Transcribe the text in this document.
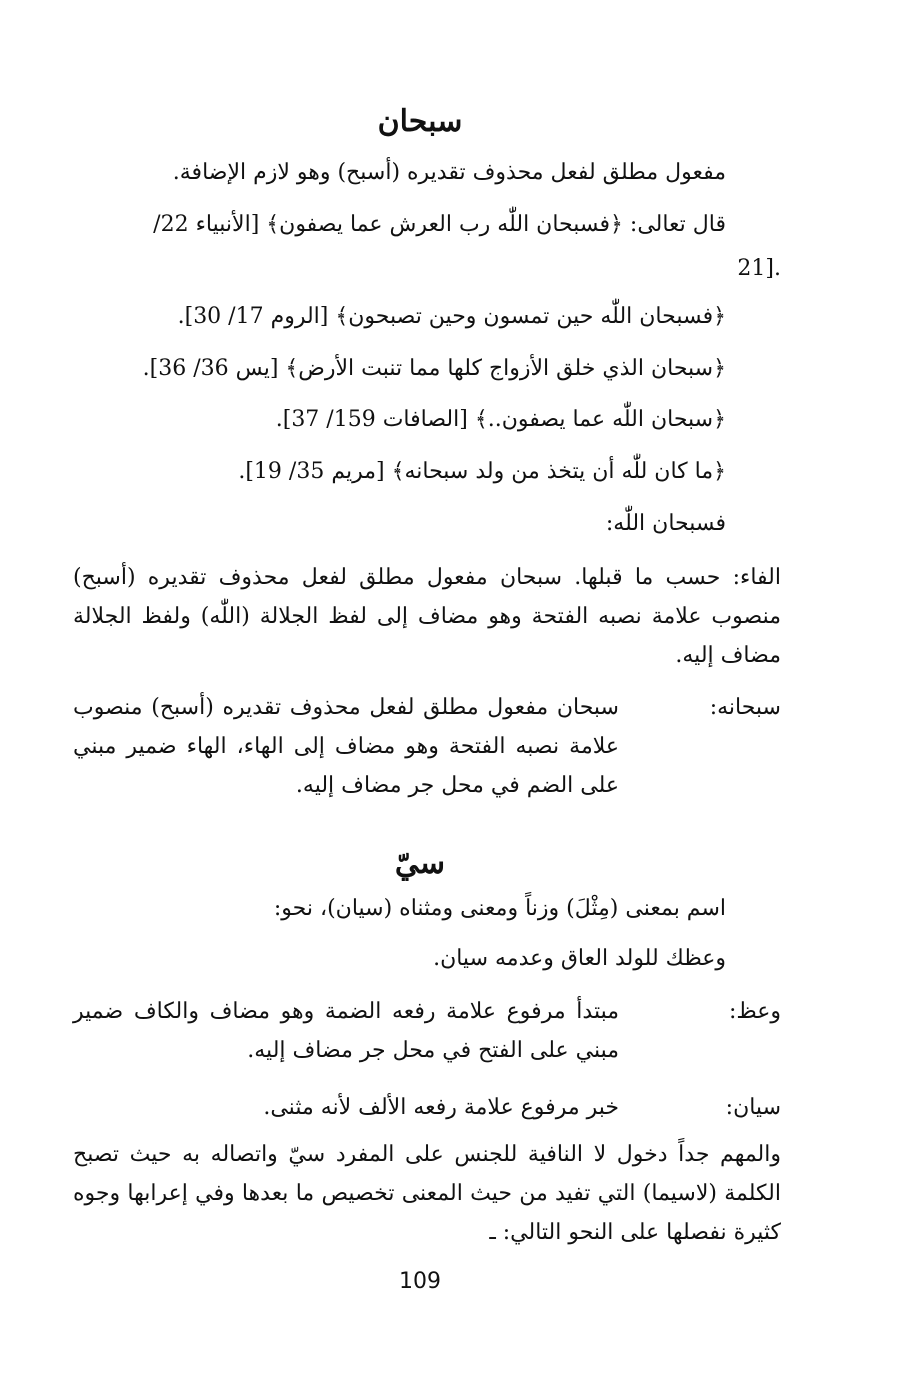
سبحان
مفعول مطلق لفعل محذوف تقديره (أسبح) وهو لازم الإضافة.
قال تعالى: ﴿فسبحان اللّٰه رب العرش عما يصفون﴾ [الأنبياء 22/
21].
﴿فسبحان اللّٰه حين تمسون وحين تصبحون﴾ [الروم 17/ 30].
﴿سبحان الذي خلق الأزواج كلها مما تنبت الأرض﴾ [يس 36/ 36].
﴿سبحان اللّٰه عما يصفون..﴾ [الصافات 159/ 37].
﴿ما كان للّٰه أن يتخذ من ولد سبحانه﴾ [مريم 35/ 19].
فسبحان اللّٰه:
الفاء: حسب ما قبلها. سبحان مفعول مطلق لفعل محذوف تقديره (أسبح) منصوب علامة نصبه الفتحة وهو مضاف إلى لفظ الجلالة (اللّٰه) ولفظ الجلالة مضاف إليه.
سبحانه:
سبحان مفعول مطلق لفعل محذوف تقديره (أسبح) منصوب علامة نصبه الفتحة وهو مضاف إلى الهاء، الهاء ضمير مبني على الضم في محل جر مضاف إليه.
سيّ
اسم بمعنى (مِثْلَ) وزناً ومعنى ومثناه (سيان)، نحو:
وعظك للولد العاق وعدمه سيان.
وعظ:
مبتدأ مرفوع علامة رفعه الضمة وهو مضاف والكاف ضمير مبني على الفتح في محل جر مضاف إليه.
سيان:
خبر مرفوع علامة رفعه الألف لأنه مثنى.
والمهم جداً دخول لا النافية للجنس على المفرد سيّ واتصاله به حيث تصبح الكلمة (لاسيما) التي تفيد من حيث المعنى تخصيص ما بعدها وفي إعرابها وجوه كثيرة نفصلها على النحو التالي: ـ
109
